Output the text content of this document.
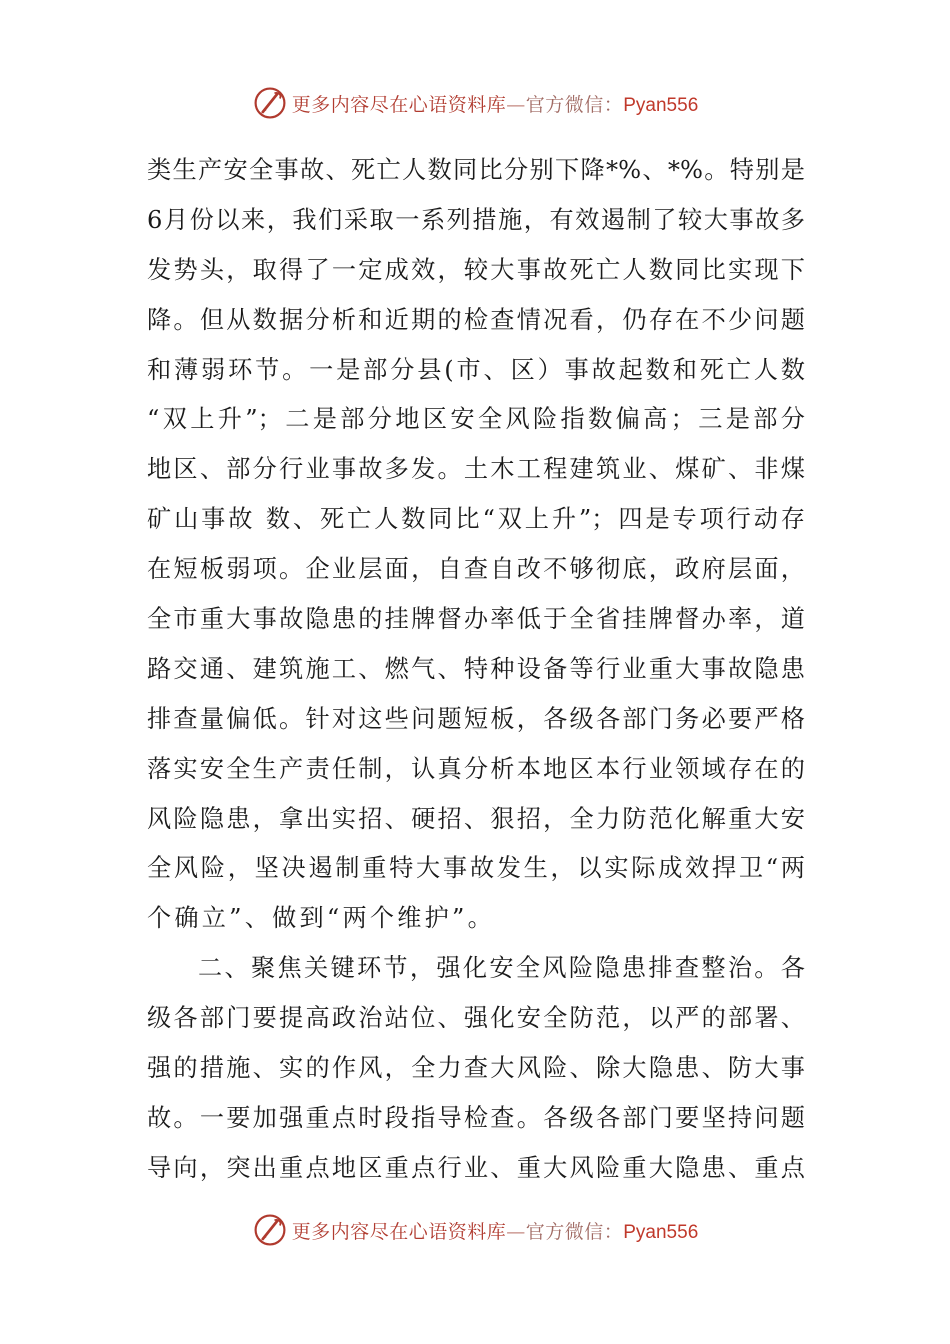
更多内容尽在心语资料库—官方微信：Pyan556
类生产安全事故、死亡人数同比分别下降*%、*%。特别是
6月份以来，我们采取一系列措施，有效遏制了较大事故多
发势头，取得了一定成效，较大事故死亡人数同比实现下
降。但从数据分析和近期的检查情况看，仍存在不少问题
和薄弱环节。一是部分县(市、区）事故起数和死亡人数
“双上升”；二是部分地区安全风险指数偏高；三是部分
地区、部分行业事故多发。土木工程建筑业、煤矿、非煤
矿山事故 数、死亡人数同比“双上升”；四是专项行动存
在短板弱项。企业层面，自查自改不够彻底，政府层面，
全市重大事故隐患的挂牌督办率低于全省挂牌督办率，道
路交通、建筑施工、燃气、特种设备等行业重大事故隐患
排查量偏低。针对这些问题短板，各级各部门务必要严格
落实安全生产责任制，认真分析本地区本行业领域存在的
风险隐患，拿出实招、硬招、狠招，全力防范化解重大安
全风险，坚决遏制重特大事故发生，以实际成效捍卫“两
个确立”、做到“两个维护”。
二、聚焦关键环节，强化安全风险隐患排查整治。各
级各部门要提高政治站位、强化安全防范，以严的部署、
强的措施、实的作风，全力查大风险、除大隐患、防大事
故。一要加强重点时段指导检查。各级各部门要坚持问题
导向，突出重点地区重点行业、重大风险重大隐患、重点
更多内容尽在心语资料库—官方微信：Pyan556
